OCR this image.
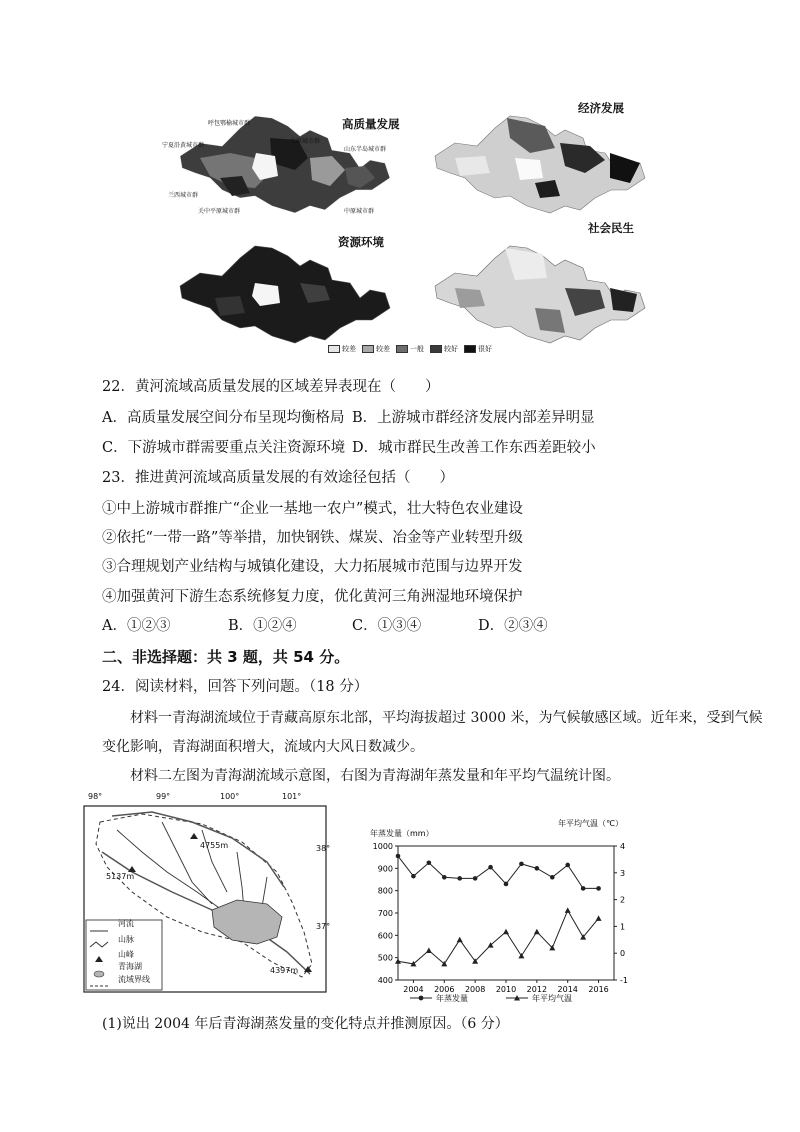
高质量发展
经济发展
资源环境
社会民生
呼包鄂榆城市群
太原城市群
宁夏沿黄城市群
山东半岛城市群
兰西城市群
关中平原城市群	中原城市群
较差	较差	一般	较好	很好
22．黄河流域高质量发展的区域差异表现在（　　）
A．高质量发展空间分布呈现均衡格局 B．上游城市群经济发展内部差异明显
C．下游城市群需要重点关注资源环境 D．城市群民生改善工作东西差距较小
23．推进黄河流域高质量发展的有效途径包括（　　）
①中上游城市群推广“企业一基地一农户”模式，壮大特色农业建设
②依托“一带一路”等举措，加快钢铁、煤炭、冶金等产业转型升级
③合理规划产业结构与城镇化建设，大力拓展城市范围与边界开发
④加强黄河下游生态系统修复力度，优化黄河三角洲湿地环境保护
A．①②③	B．①②④	C．①③④	D．②③④
二、非选择题：共 3 题，共 54 分。
24．阅读材料，回答下列问题。（18 分）
材料一青海湖流域位于青藏高原东北部，平均海拔超过 3000 米，为气候敏感区域。近年来，受到气候
变化影响，青海湖面积增大，流域内大风日数减少。
材料二左图为青海湖流域示意图，右图为青海湖年蒸发量和年平均气温统计图。
98°	99°	100°	101°
38°
37°
4755m
5137m
4397m
河流
山脉
山峰
青海湖
流域界线
年蒸发量（mm）
年平均气温（℃）
1000
900
800
700
600
500
400
4
3
2
1
0
-1
2004 2006 2008 2010 2012 2014 2016
年蒸发量	年平均气温
(1)说出 2004 年后青海湖蒸发量的变化特点并推测原因。（6 分）
